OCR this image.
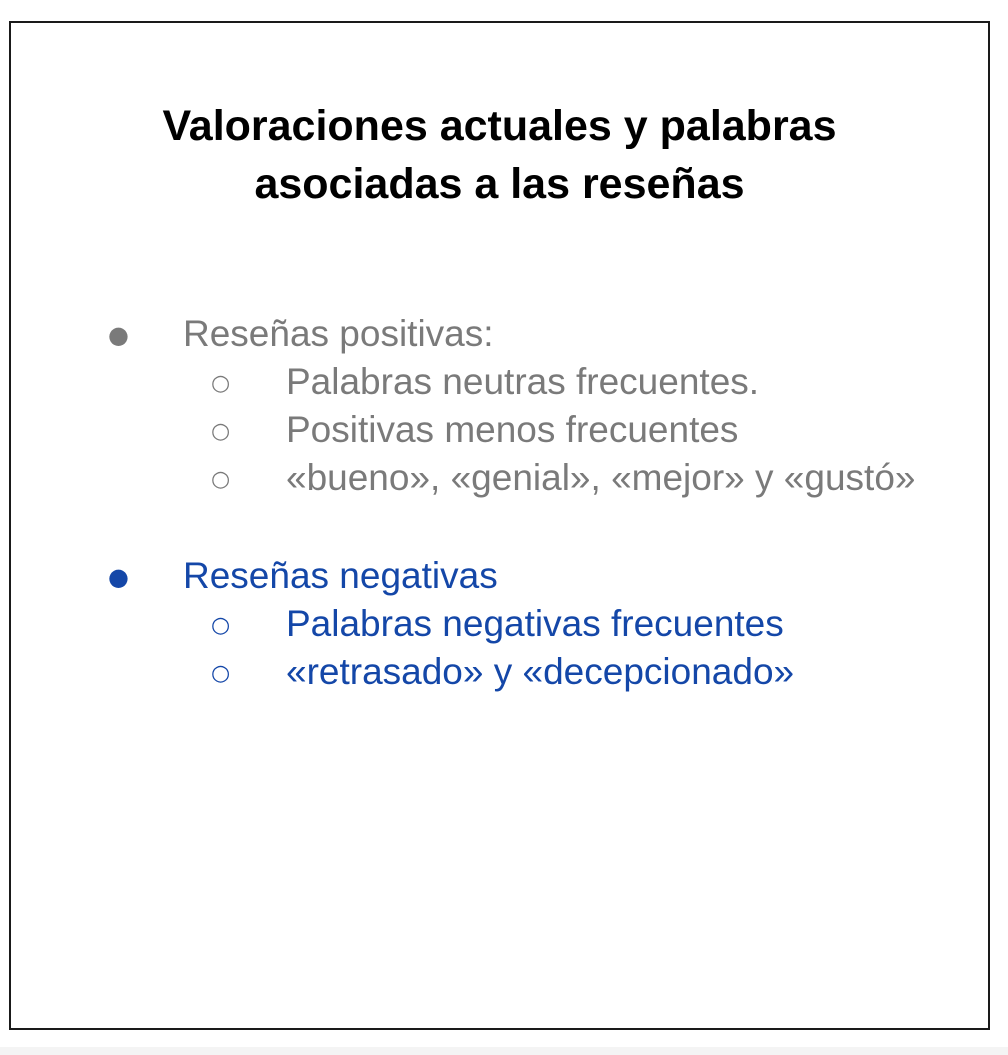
Valoraciones actuales y palabras
asociadas a las reseñas
● Reseñas positivas:
○ Palabras neutras frecuentes.
○ Positivas menos frecuentes
○ «bueno», «genial», «mejor» y «gustó»
● Reseñas negativas
○ Palabras negativas frecuentes
○ «retrasado» y «decepcionado»
